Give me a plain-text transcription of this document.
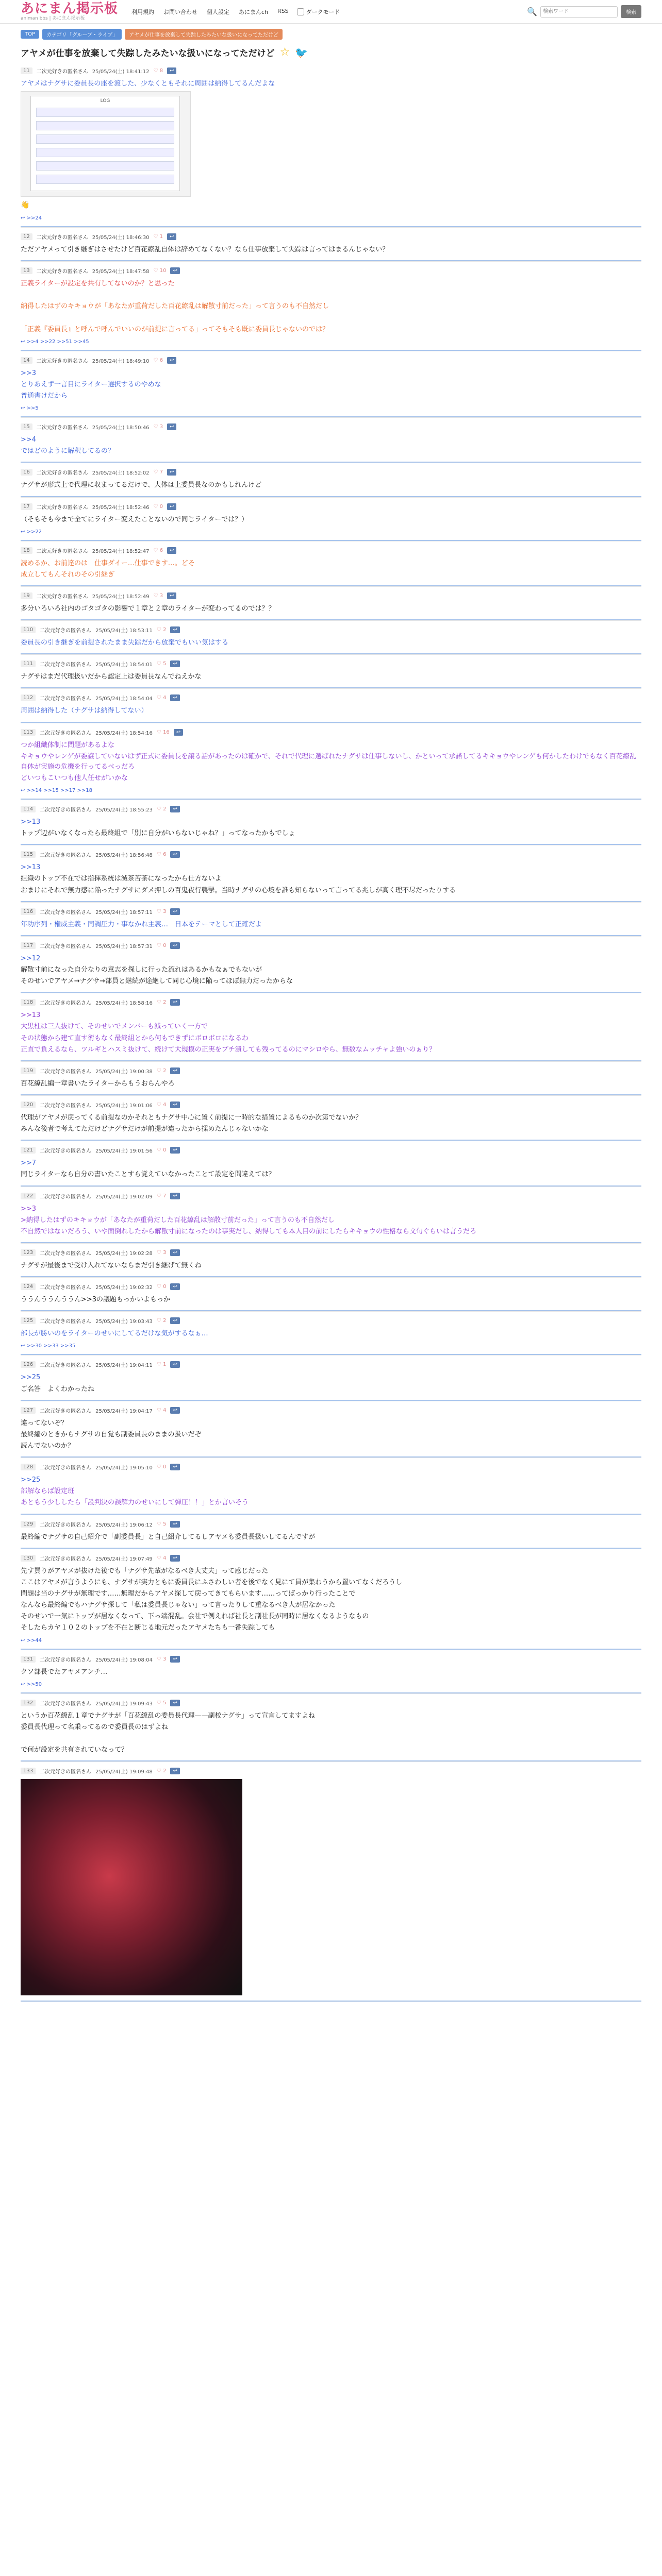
あにまん掲示板
animan bbs | あにまん掲示板
利用規約 お問い合わせ 個人設定 あにまんch RSS	ダークモード	🔍
検索ワード	検索
TOP	カテゴリ「グループ・ライブ」	アヤメが仕事を放棄して失踪したみたいな扱いになってただけど
アヤメが仕事を放棄して失踪したみたいな扱いになってただけど ☆ 🐦
11	二次元好きの匿名さん 25/05/24(土) 18:41:12 ♡ 8	↩

アヤメはナグサに委員長の座を渡した、少なくともそれに周囲は納得してるんだよな

LOG
👋
↩ >>24
12	二次元好きの匿名さん 25/05/24(土) 18:46:30 ♡ 1	↩

ただアヤメって引き継ぎはさせたけど百花繚乱自体は辞めてなくない？なら仕事放棄して失踪は言ってはまるんじゃない？

13	二次元好きの匿名さん 25/05/24(土) 18:47:58 ♡ 10	↩

正義ライターが設定を共有してないのか？と思った

納得したはずのキキョウが「あなたが重荷だした百花繚乱は解散寸前だった」って言うのも不自然だし

「正義『委員長』と呼んで呼んでいいのが前提に言ってる」ってそもそも既に委員長じゃないのでは？

↩ >>4 >>22 >>51 >>45
14	二次元好きの匿名さん 25/05/24(土) 18:49:10 ♡ 6	↩

>>3

とりあえず一言目にライター選択するのやめな

普通書けだから

↩ >>5
15	二次元好きの匿名さん 25/05/24(土) 18:50:46 ♡ 3	↩

>>4

ではどのように解釈してるの？

16	二次元好きの匿名さん 25/05/24(土) 18:52:02 ♡ 7	↩

ナグサが形式上で代理に収まってるだけで、大体は上委員長なのかもしれんけど

17	二次元好きの匿名さん 25/05/24(土) 18:52:46 ♡ 0	↩

（そもそも今まで全てにライター変えたことないので同じライターでは？）

↩ >>22
18	二次元好きの匿名さん 25/05/24(土) 18:52:47 ♡ 6	↩

読めるか、お前達のは　仕事ダイー…仕事できす…。どそ

成立してもんそれのその引継ぎ

19	二次元好きの匿名さん 25/05/24(土) 18:52:49 ♡ 3	↩

多分いろいろ社内のゴタゴタの影響で１章と２章のライターが変わってるのでは？？

110	二次元好きの匿名さん 25/05/24(土) 18:53:11 ♡ 2	↩

委員長の引き継ぎを前提されたまま失踪だから放棄でもいい気はする

111	二次元好きの匿名さん 25/05/24(土) 18:54:01 ♡ 5	↩

ナグサはまだ代理扱いだから認定上は委員長なんでねえかな

112	二次元好きの匿名さん 25/05/24(土) 18:54:04 ♡ 4	↩

周囲は納得した（ナグサは納得してない）

113	二次元好きの匿名さん 25/05/24(土) 18:54:16 ♡ 16	↩

つか組織体制に問題があるよな

キキョウやレンゲが委譲していないはず正式に委員長を譲る話があったのは確かで、それで代理に選ばれたナグサは仕事しないし、かといって承諾してるキキョウやレンゲも何かしたわけでもなく百花繚乱自体が実施の危機を行ってるべっだろ

どいつもこいつも他人任せがいかな

↩ >>14 >>15 >>17 >>18
114	二次元好きの匿名さん 25/05/24(土) 18:55:23 ♡ 2	↩

>>13

トップ辺がいなくなったら最終組で「別に自分がいらないじゃね？」ってなったかもでしょ

115	二次元好きの匿名さん 25/05/24(土) 18:56:48 ♡ 6	↩

>>13

組織のトップ不在では指揮系統は滅茶苦茶になったから仕方ないよ

おまけにそれで無力感に陥ったナグサにダメ押しの百鬼夜行襲撃。当時ナグサの心境を誰も知らないって言ってる兆しが高く理不尽だったりする

116	二次元好きの匿名さん 25/05/24(土) 18:57:11 ♡ 3	↩

年功序列・権威主義・同調圧力・事なかれ主義…　日本をテーマとして正確だよ

117	二次元好きの匿名さん 25/05/24(土) 18:57:31 ♡ 0	↩

>>12

解散寸前になった自分なりの意志を探しに行った流れはあるかもなぁでもないが

そのせいでアヤメ→ナグサ→部員と継続が途絶して同じ心境に陥ってほぼ無力だったからな

118	二次元好きの匿名さん 25/05/24(土) 18:58:16 ♡ 2	↩

>>13

大黒柱は三人抜けて、そのせいでメンバーも減っていく一方で

その状態から建て直す術もなく最終組とから何もできずにボロボロになるわ

正直で負えるなら、ツルギとハスミ抜けて、続けて大規模の正実をブチ潰しても残ってるのにマシロやら、無数なムッチャよ強いのぁり？

119	二次元好きの匿名さん 25/05/24(土) 19:00:38 ♡ 2	↩

百花繚乱編一章書いたライターからもうおらんやろ

120	二次元好きの匿名さん 25/05/24(土) 19:01:06 ♡ 4	↩

代理がアヤメが戻ってくる前提なのかそれともナグサ中心に置く前提に一時的な措置によるものか次第でないか？

みんな後者で考えてただけどナグサだけが前提が違ったから揉めたんじゃないかな

121	二次元好きの匿名さん 25/05/24(土) 19:01:56 ♡ 0	↩

>>7

同じライターなら自分の書いたことすら覚えていなかったことて設定を間違えては？

122	二次元好きの匿名さん 25/05/24(土) 19:02:09 ♡ 7	↩

>>3

>納得したはずのキキョウが「あなたが重荷だした百花繚乱は解散寸前だった」って言うのも不自然だし

不自然ではないだろう、いや面倒れしたから解散寸前になったのは事実だし、納得しても本人目の前にしたらキキョウの性格なら文句ぐらいは言うだろ

123	二次元好きの匿名さん 25/05/24(土) 19:02:28 ♡ 3	↩

ナグサが最後まで受け入れてないならまだ引き継げて無くね

124	二次元好きの匿名さん 25/05/24(土) 19:02:32 ♡ 0	↩

ううんううんううん>>3の議題もっかいよもっか

125	二次元好きの匿名さん 25/05/24(土) 19:03:43 ♡ 2	↩

部長が勝いのをライターのせいにしてるだけな気がするなぁ…

↩ >>30 >>33 >>35
126	二次元好きの匿名さん 25/05/24(土) 19:04:11 ♡ 1	↩

>>25

ご名答　よくわかったね

127	二次元好きの匿名さん 25/05/24(土) 19:04:17 ♡ 4	↩

違ってないぞ？

最終編のときからナグサの自覚も副委員長のままの扱いだぞ

読んでないのか？

128	二次元好きの匿名さん 25/05/24(土) 19:05:10 ♡ 0	↩

>>25

部解ならば設定班

あともう少ししたら「設判決の誤解力のせいにして弾圧！！」とか言いそう

129	二次元好きの匿名さん 25/05/24(土) 19:06:12 ♡ 5	↩

最終編でナグサの自己紹介で「副委員長」と自己紹介してるしアヤメも委員長扱いしてるんですが

130	二次元好きの匿名さん 25/05/24(土) 19:07:49 ♡ 4	↩

先す買りがアヤメが抜けた後でも「ナグサ先輩がなるべき大丈夫」って感じだった

ここはアヤメが言うようにも、ナグサが実力ともに委員長にふさわしい者を後でなく見にて員が集わうから置いてなくだろうし

問題は当のナグサが無理です……無理だからアヤメ探して戻ってきてもらいます……ってばっかり行ったことで

なんなら最終編でもハナグサ探して「私は委員長じゃない」って言ったりして重なるべき人が居なかった

そのせいで一気にトップが居なくなって、下っ端混乱。会社で例えれば社長と副社長が同時に居なくなるようなもの

そしたらカヤ１０２のトップを不在と断じる地元だったアヤメたちも一番失踪しても

↩ >>44
131	二次元好きの匿名さん 25/05/24(土) 19:08:04 ♡ 3	↩

クソ部長でたアヤメアンチ…

↩ >>50
132	二次元好きの匿名さん 25/05/24(土) 19:09:43 ♡ 5	↩

というか百花繚乱１章でナグサが「百花繚乱の委員長代理——副校ナグサ」って宣言してますよね

委員長代理って名乗ってるので委員長のはずよね

で何が設定を共有されていなって？

133	二次元好きの匿名さん 25/05/24(土) 19:09:48 ♡ 2	↩
